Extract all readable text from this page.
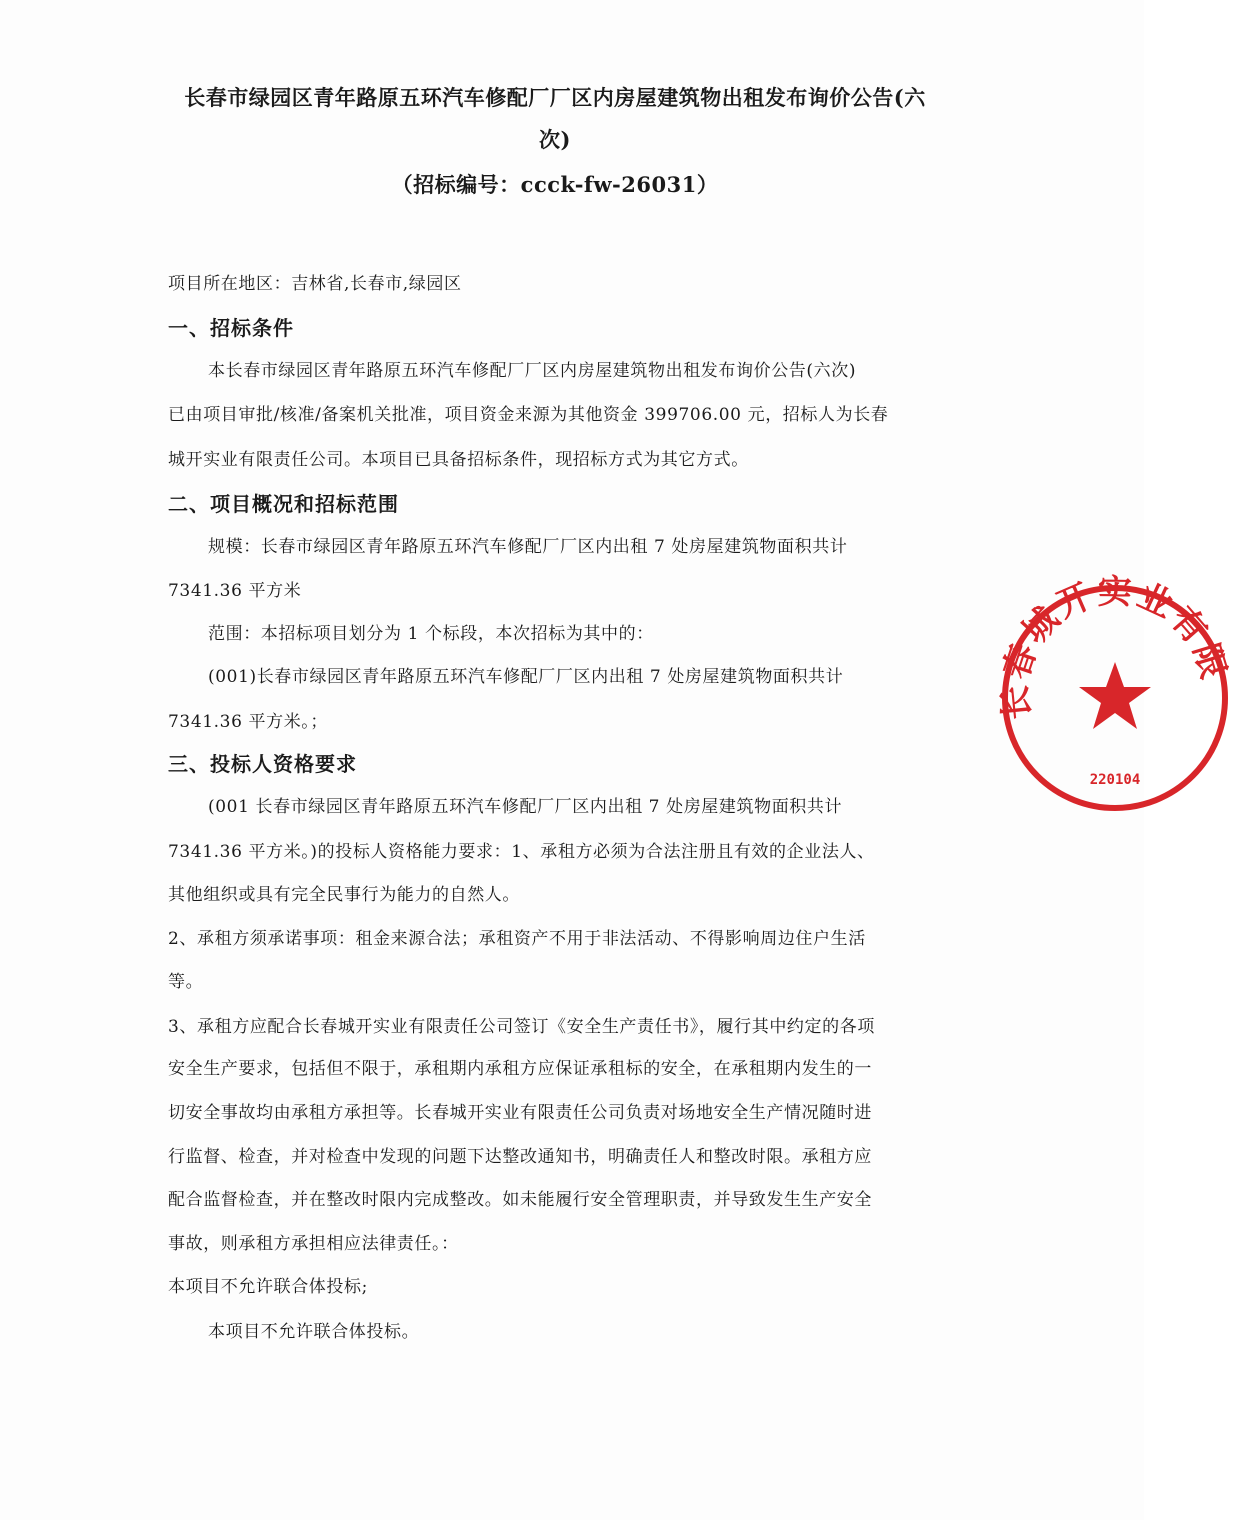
长春市绿园区青年路原五环汽车修配厂厂区内房屋建筑物出租发布询价公告(六
次)
（招标编号：ccck-fw-26031）
项目所在地区：吉林省,长春市,绿园区
一、招标条件
本长春市绿园区青年路原五环汽车修配厂厂区内房屋建筑物出租发布询价公告(六次)
已由项目审批/核准/备案机关批准，项目资金来源为其他资金 399706.00 元，招标人为长春
城开实业有限责任公司。本项目已具备招标条件，现招标方式为其它方式。
二、项目概况和招标范围
规模：长春市绿园区青年路原五环汽车修配厂厂区内出租 7 处房屋建筑物面积共计
7341.36 平方米
范围：本招标项目划分为 1 个标段，本次招标为其中的：
(001)长春市绿园区青年路原五环汽车修配厂厂区内出租 7 处房屋建筑物面积共计
7341.36 平方米。；
三、投标人资格要求
(001 长春市绿园区青年路原五环汽车修配厂厂区内出租 7 处房屋建筑物面积共计
7341.36 平方米。)的投标人资格能力要求：1、承租方必须为合法注册且有效的企业法人、
其他组织或具有完全民事行为能力的自然人。
2、承租方须承诺事项：租金来源合法；承租资产不用于非法活动、不得影响周边住户生活
等。
3、承租方应配合长春城开实业有限责任公司签订《安全生产责任书》，履行其中约定的各项
安全生产要求，包括但不限于，承租期内承租方应保证承租标的安全，在承租期内发生的一
切安全事故均由承租方承担等。长春城开实业有限责任公司负责对场地安全生产情况随时进
行监督、检查，并对检查中发现的问题下达整改通知书，明确责任人和整改时限。承租方应
配合监督检查，并在整改时限内完成整改。如未能履行安全管理职责，并导致发生生产安全
事故，则承租方承担相应法律责任。：
本项目不允许联合体投标;
本项目不允许联合体投标。
长春城开实业有限
220104
